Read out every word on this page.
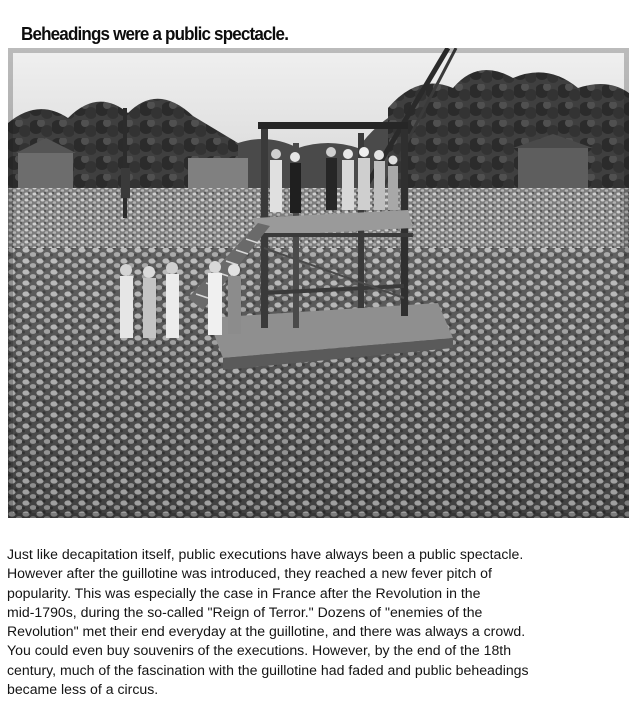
Beheadings were a public spectacle.

Just like decapitation itself, public executions have always been a public spectacle.
However after the guillotine was introduced, they reached a new fever pitch of
popularity. This was especially the case in France after the Revolution in the
mid-1790s, during the so-called "Reign of Terror." Dozens of "enemies of the
Revolution" met their end everyday at the guillotine, and there was always a crowd.
You could even buy souvenirs of the executions. However, by the end of the 18th
century, much of the fascination with the guillotine had faded and public beheadings
became less of a circus.
